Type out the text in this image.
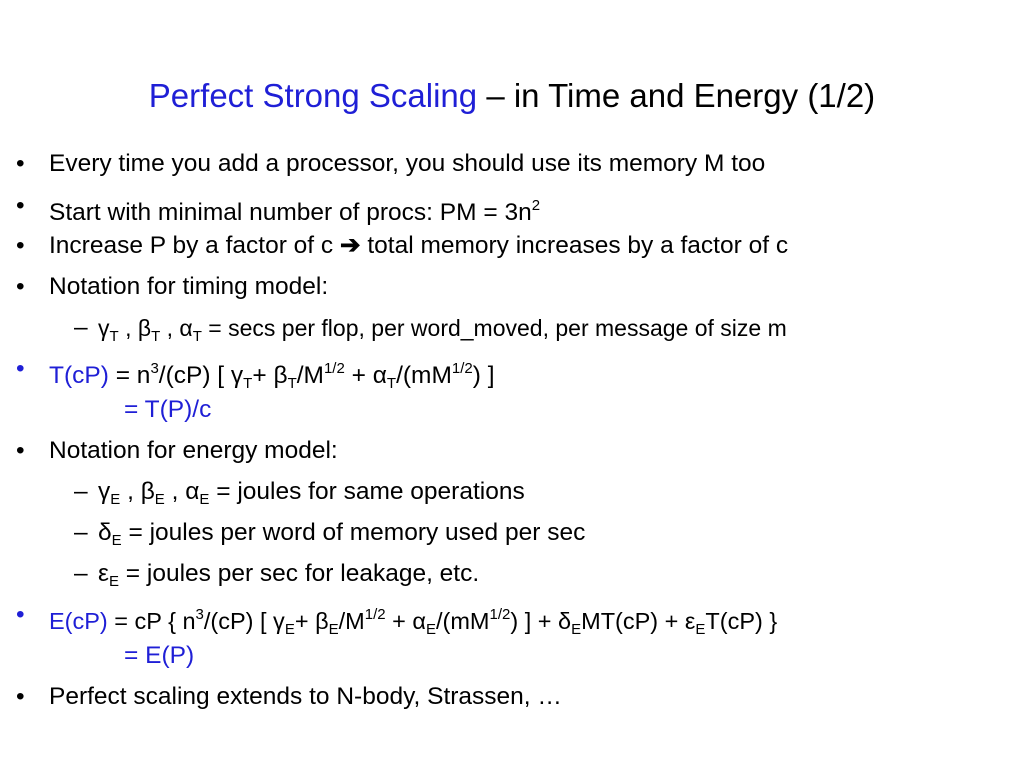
Perfect Strong Scaling – in Time and Energy (1/2)
• Every time you add a processor, you should use its memory M too
• Start with minimal number of procs: PM = $3n^2$
• Increase P by a factor of c ➔ total memory increases by a factor of c
• Notation for timing model:
– $\gamma_T$ , $\beta_T$ , $\alpha_T = \sec s$ per flop, per word_moved, per message of size m
• $T(cP) = n^3/(cP)$ [ $\gamma_T+ \beta_T/M^{1/2} + \alpha_T/(mM^{1/2})$ ]
= T(P)/c
• Notation for energy model:
– $\gamma_E$ , $\beta_E$ , $\alpha_E$ = joules for same operations
– $\delta_E$ = joules per word of memory used per sec
– $\varepsilon_E$ = joules per sec for leakage, etc.
•	E(cP) = cP { $n^3/(cP)$ [ $\gamma_E+ \beta_E/M^{1/2} + \alpha_E/(mM^{1/2})$ ] + $\delta_EMT(cP) + \varepsilon_ET(cP)$ }
= E(P)
• Perfect scaling extends to N-body, Strassen, …
